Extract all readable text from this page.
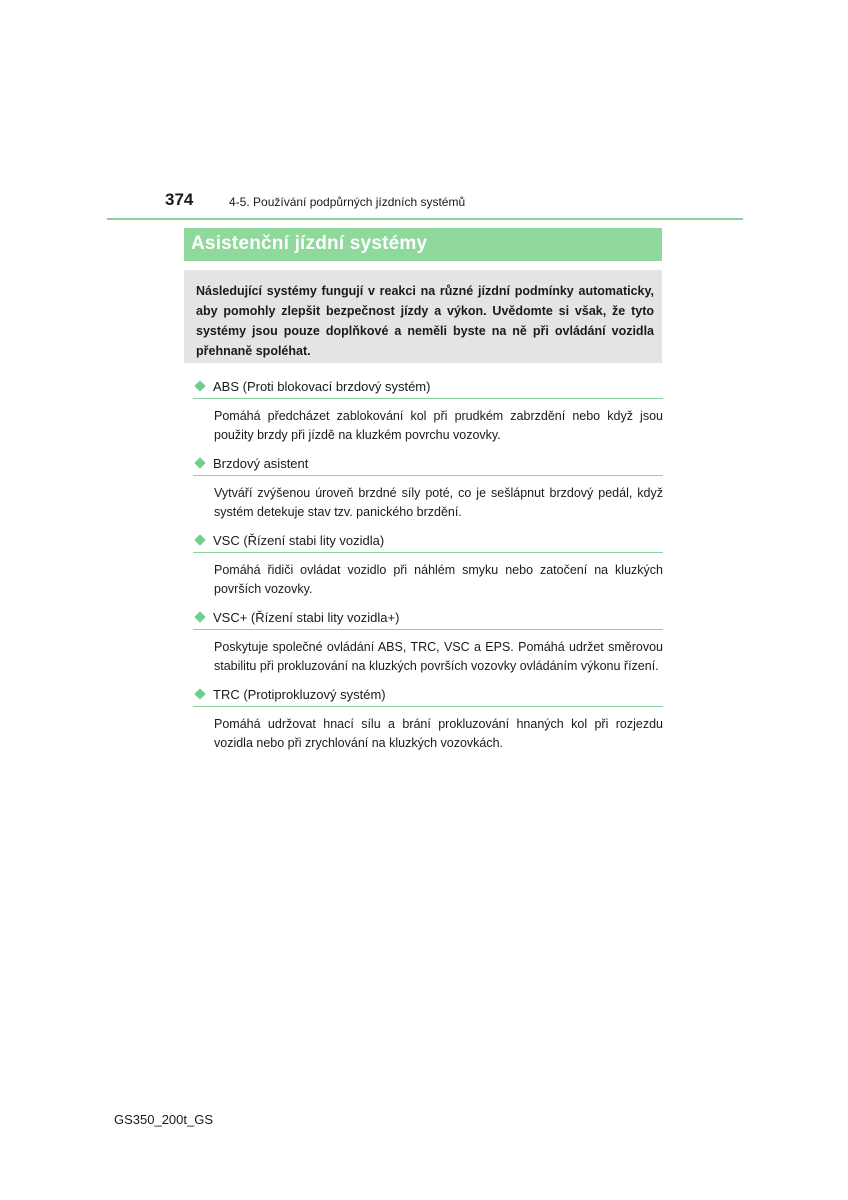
374	4-5. Používání podpůrných jízdních systémů
Asistenční jízdní systémy
Následující systémy fungují v reakci na různé jízdní podmínky automaticky, aby pomohly zlepšit bezpečnost jízdy a výkon. Uvědomte si však, že tyto systémy jsou pouze doplňkové a neměli byste na ně při ovládání vozidla přehnaně spoléhat.
ABS (Proti blokovací brzdový systém)
Pomáhá předcházet zablokování kol při prudkém zabrzdění nebo když jsou použity brzdy při jízdě na kluzkém povrchu vozovky.
Brzdový asistent
Vytváří zvýšenou úroveň brzdné síly poté, co je sešlápnut brzdový pedál, když systém detekuje stav tzv. panického brzdění.
VSC (Řízení stabi lity vozidla)
Pomáhá řidiči ovládat vozidlo při náhlém smyku nebo zatočení na kluzkých površích vozovky.
VSC+ (Řízení stabi lity vozidla+)
Poskytuje společné ovládání ABS, TRC, VSC a EPS. Pomáhá udržet směrovou stabilitu při prokluzování na kluzkých površích vozovky ovládáním výkonu řízení.
TRC (Protiprokluzový systém)
Pomáhá udržovat hnací sílu a brání prokluzování hnaných kol při rozjezdu vozidla nebo při zrychlování na kluzkých vozovkách.
GS350_200t_GS
